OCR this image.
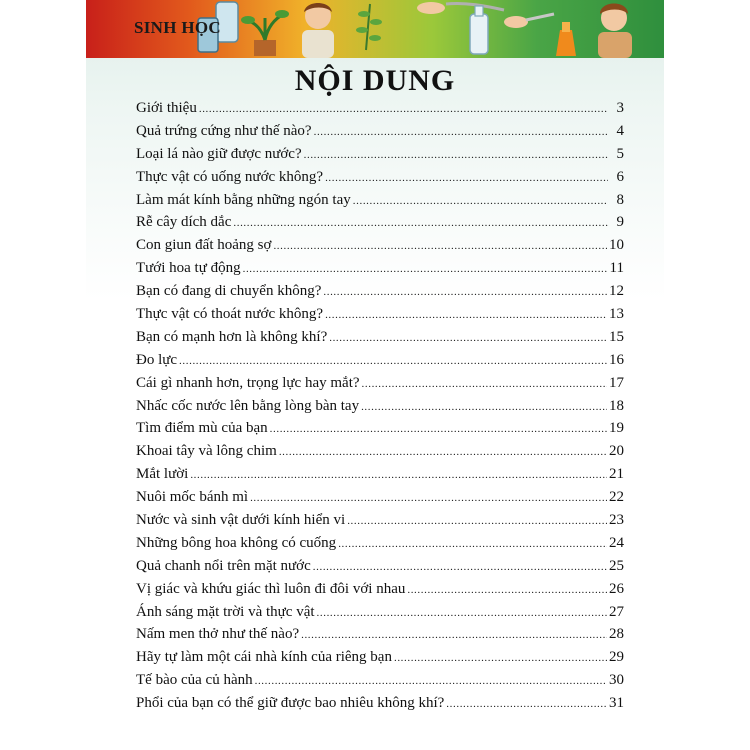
SINH HỌC
NỘI DUNG
Giới thiệu .....	3
Quả trứng cứng như thế nào? .....	4
Loại lá nào giữ được nước? .....	5
Thực vật có uống nước không? .....	6
Làm mát kính bằng những ngón tay .....	8
Rễ cây dích dắc .....	9
Con giun đất hoảng sợ .....	10
Tưới hoa tự động .....	11
Bạn có đang di chuyển không? .....	12
Thực vật có thoát nước không? .....	13
Bạn có mạnh hơn là không khí? .....	15
Đo lực .....	16
Cái gì nhanh hơn, trọng lực hay mắt? .....	17
Nhấc cốc nước lên bằng lòng bàn tay .....	18
Tìm điểm mù của bạn .....	19
Khoai tây và lông chim .....	20
Mắt lười .....	21
Nuôi mốc bánh mì .....	22
Nước và sinh vật dưới kính hiển vi .....	23
Những bông hoa không có cuống .....	24
Quả chanh nổi trên mặt nước .....	25
Vị giác và khứu giác thì luôn đi đôi với nhau .....	26
Ánh sáng mặt trời và thực vật .....	27
Nấm men thở như thế nào? .....	28
Hãy tự làm một cái nhà kính của riêng bạn .....	29
Tế bào của củ hành .....	30
Phổi của bạn có thể giữ được bao nhiêu không khí? .....	31
